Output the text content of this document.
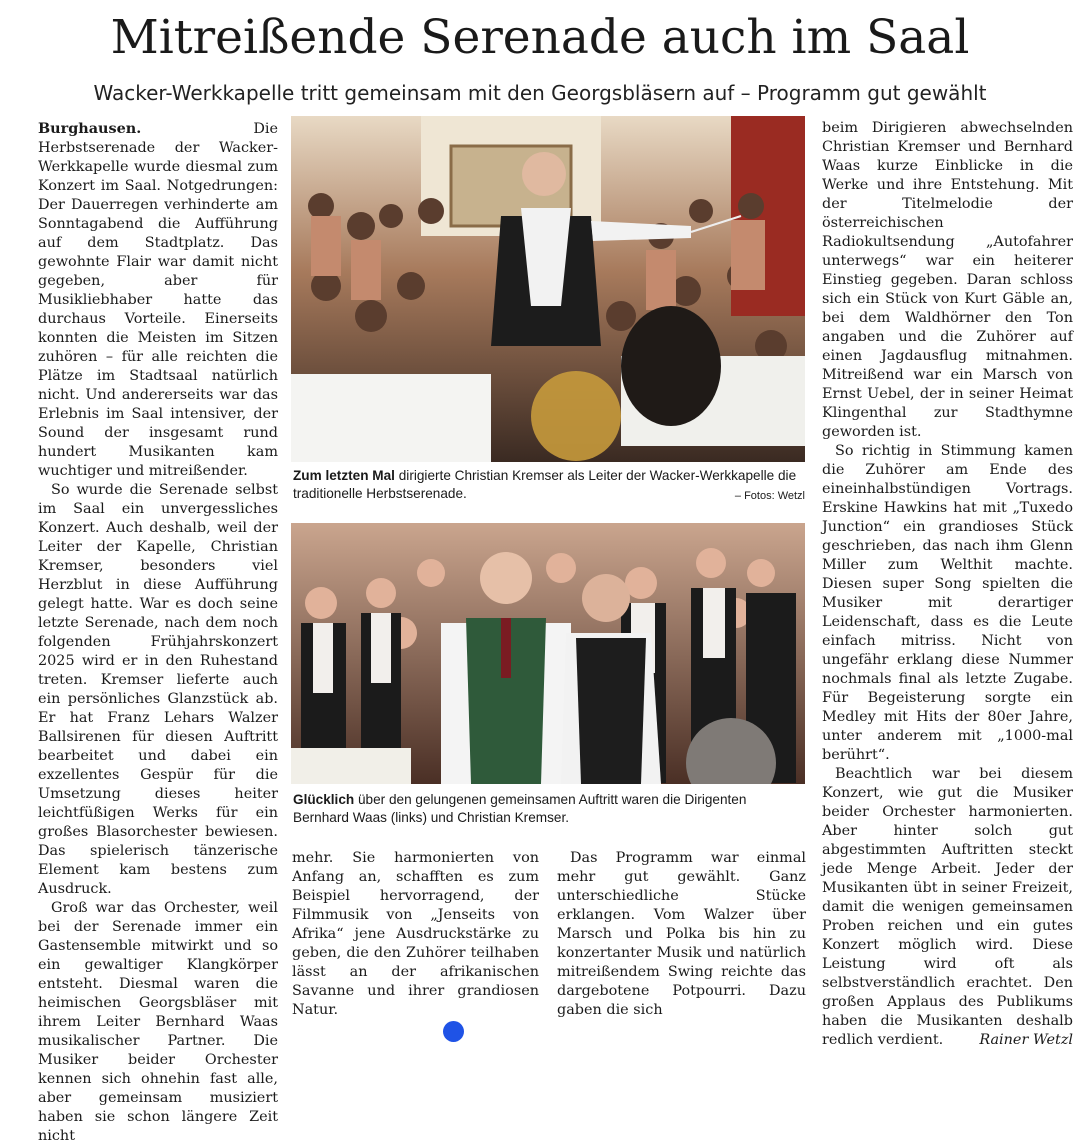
Mitreißende Serenade auch im Saal
Wacker-Werkkapelle tritt gemeinsam mit den Georgsbläsern auf – Programm gut gewählt

Burghausen. Die Herbstserenade der Wacker-Werkkapelle wurde diesmal zum Konzert im Saal. Notgedrungen: Der Dauerregen verhinderte am Sonntagabend die Aufführung auf dem Stadtplatz. Das gewohnte Flair war damit nicht gegeben, aber für Musikliebhaber hatte das durchaus Vorteile. Einerseits konnten die Meisten im Sitzen zuhören – für alle reichten die Plätze im Stadtsaal natürlich nicht. Und andererseits war das Erlebnis im Saal intensiver, der Sound der insgesamt rund hundert Musikanten kam wuchtiger und mitreißender.

So wurde die Serenade selbst im Saal ein unvergessliches Konzert. Auch deshalb, weil der Leiter der Kapelle, Christian Kremser, besonders viel Herzblut in diese Aufführung gelegt hatte. War es doch seine letzte Serenade, nach dem noch folgenden Frühjahrskonzert 2025 wird er in den Ruhestand treten. Kremser lieferte auch ein persönliches Glanzstück ab. Er hat Franz Lehars Walzer Ballsirenen für diesen Auftritt bearbeitet und dabei ein exzellentes Gespür für die Umsetzung dieses heiter leichtfüßigen Werks für ein großes Blasorchester bewiesen. Das spielerisch tänzerische Element kam bestens zum Ausdruck.

Groß war das Orchester, weil bei der Serenade immer ein Gastensemble mitwirkt und so ein gewaltiger Klangkörper entsteht. Diesmal waren die heimischen Georgsbläser mit ihrem Leiter Bernhard Waas musikalischer Partner. Die Musiker beider Orchester kennen sich ohnehin fast alle, aber gemeinsam musiziert haben sie schon längere Zeit nicht

Zum letzten Mal dirigierte Christian Kremser als Leiter der Wacker-Werkkapelle die traditionelle Herbstserenade.	– Fotos: Wetzl
Glücklich über den gelungenen gemeinsamen Auftritt waren die Dirigenten Bernhard Waas (links) und Christian Kremser.

mehr. Sie harmonierten von Anfang an, schafften es zum Beispiel hervorragend, der Filmmusik von „Jenseits von Afrika“ jene Ausdruckstärke zu geben, die den Zuhörer teilhaben lässt an der afrikanischen Savanne und ihrer grandiosen Natur.

Das Programm war einmal mehr gut gewählt. Ganz unterschiedliche Stücke erklangen. Vom Walzer über Marsch und Polka bis hin zu konzertanter Musik und natürlich mitreißendem Swing reichte das dargebotene Potpourri. Dazu gaben die sich

beim Dirigieren abwechselnden Christian Kremser und Bernhard Waas kurze Einblicke in die Werke und ihre Entstehung. Mit der Titelmelodie der österreichischen Radiokultsendung „Autofahrer unterwegs“ war ein heiterer Einstieg gegeben. Daran schloss sich ein Stück von Kurt Gäble an, bei dem Waldhörner den Ton angaben und die Zuhörer auf einen Jagdausflug mitnahmen. Mitreißend war ein Marsch von Ernst Uebel, der in seiner Heimat Klingenthal zur Stadthymne geworden ist.

So richtig in Stimmung kamen die Zuhörer am Ende des eineinhalbstündigen Vortrags. Erskine Hawkins hat mit „Tuxedo Junction“ ein grandioses Stück geschrieben, das nach ihm Glenn Miller zum Welthit machte. Diesen super Song spielten die Musiker mit derartiger Leidenschaft, dass es die Leute einfach mitriss. Nicht von ungefähr erklang diese Nummer nochmals final als letzte Zugabe. Für Begeisterung sorgte ein Medley mit Hits der 80er Jahre, unter anderem mit „1000-mal berührt“.

Beachtlich war bei diesem Konzert, wie gut die Musiker beider Orchester harmonierten. Aber hinter solch gut abgestimmten Auftritten steckt jede Menge Arbeit. Jeder der Musikanten übt in seiner Freizeit, damit die wenigen gemeinsamen Proben reichen und ein gutes Konzert möglich wird. Diese Leistung wird oft als selbstverständlich erachtet. Den großen Applaus des Publikums haben die Musikanten deshalb redlich verdient.	Rainer Wetzl
